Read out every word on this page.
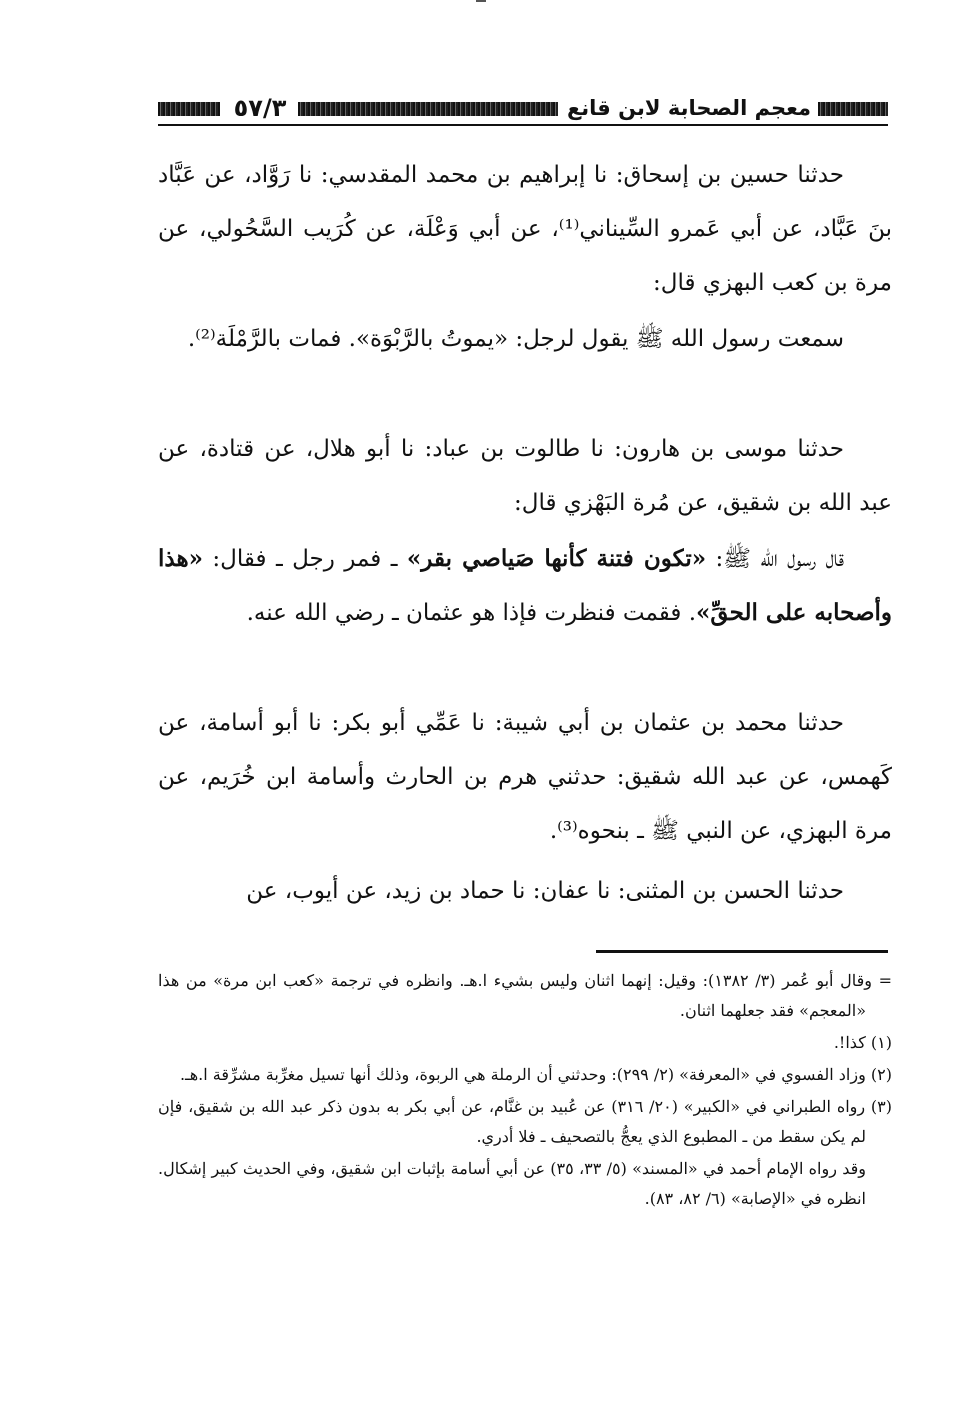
٥٧/٣	معجم الصحابة لابن قانع

حدثنا حسين بن إسحاق: نا إبراهيم بن محمد المقدسي: نا رَوَّاد، عن عَبَّاد بنَ عَبَّاد، عن أبي عَمرو السِّيناني⁽¹⁾، عن أبي وَعْلَة، عن كُرَيب السَّحُولي، عن مرة بن كعب البهزي قال:

سمعت رسول الله ﷺ يقول لرجل: «يموتُ بالرَّبْوَة». فمات بالرَّمْلَة⁽²⁾.

حدثنا موسى بن هارون: نا طالوت بن عباد: نا أبو هلال، عن قتادة، عن عبد الله بن شقيق، عن مُرة البَهْزي قال:

قال رسول الله ﷺ: «تكون فتنة كأنها صَياصي بقر» ـ فمر رجل ـ فقال: «هذا وأصحابه على الحقِّ». فقمت فنظرت فإذا هو عثمان ـ رضي الله عنه.

حدثنا محمد بن عثمان بن أبي شيبة: نا عَمِّي أبو بكر: نا أبو أسامة، عن كَهمس، عن عبد الله شقيق: حدثني هرم بن الحارث وأسامة ابن خُرَيم، عن مرة البهزي، عن النبي ﷺ ـ بنحوه⁽³⁾.

حدثنا الحسن بن المثنى: نا عفان: نا حماد بن زيد، عن أيوب، عن

= وقال أبو عُمر (٣/ ١٣٨٢): وقيل: إنهما اثنان وليس بشيء ا.هـ. وانظره في ترجمة «كعب ابن مرة» من هذا «المعجم» فقد جعلهما اثنان.

(١) كذا!.

(٢) وزاد الفسوي في «المعرفة» (٢/ ٢٩٩): وحدثني أن الرملة هي الربوة، وذلك أنها تسيل مغرِّبة مشرِّقة ا.هـ.

(٣) رواه الطبراني في «الكبير» (٢٠/ ٣١٦) عن عُبيد بن غنَّام، عن أبي بكر به بدون ذكر عبد الله بن شقيق، فإن لم يكن سقط من ـ المطبوع الذي يعجُّ بالتصحيف ـ فلا أدري.

وقد رواه الإمام أحمد في «المسند» (٥/ ٣٣، ٣٥) عن أبي أسامة بإثبات ابن شقيق، وفي الحديث كبير إشكال. انظره في «الإصابة» (٦/ ٨٢، ٨٣).
